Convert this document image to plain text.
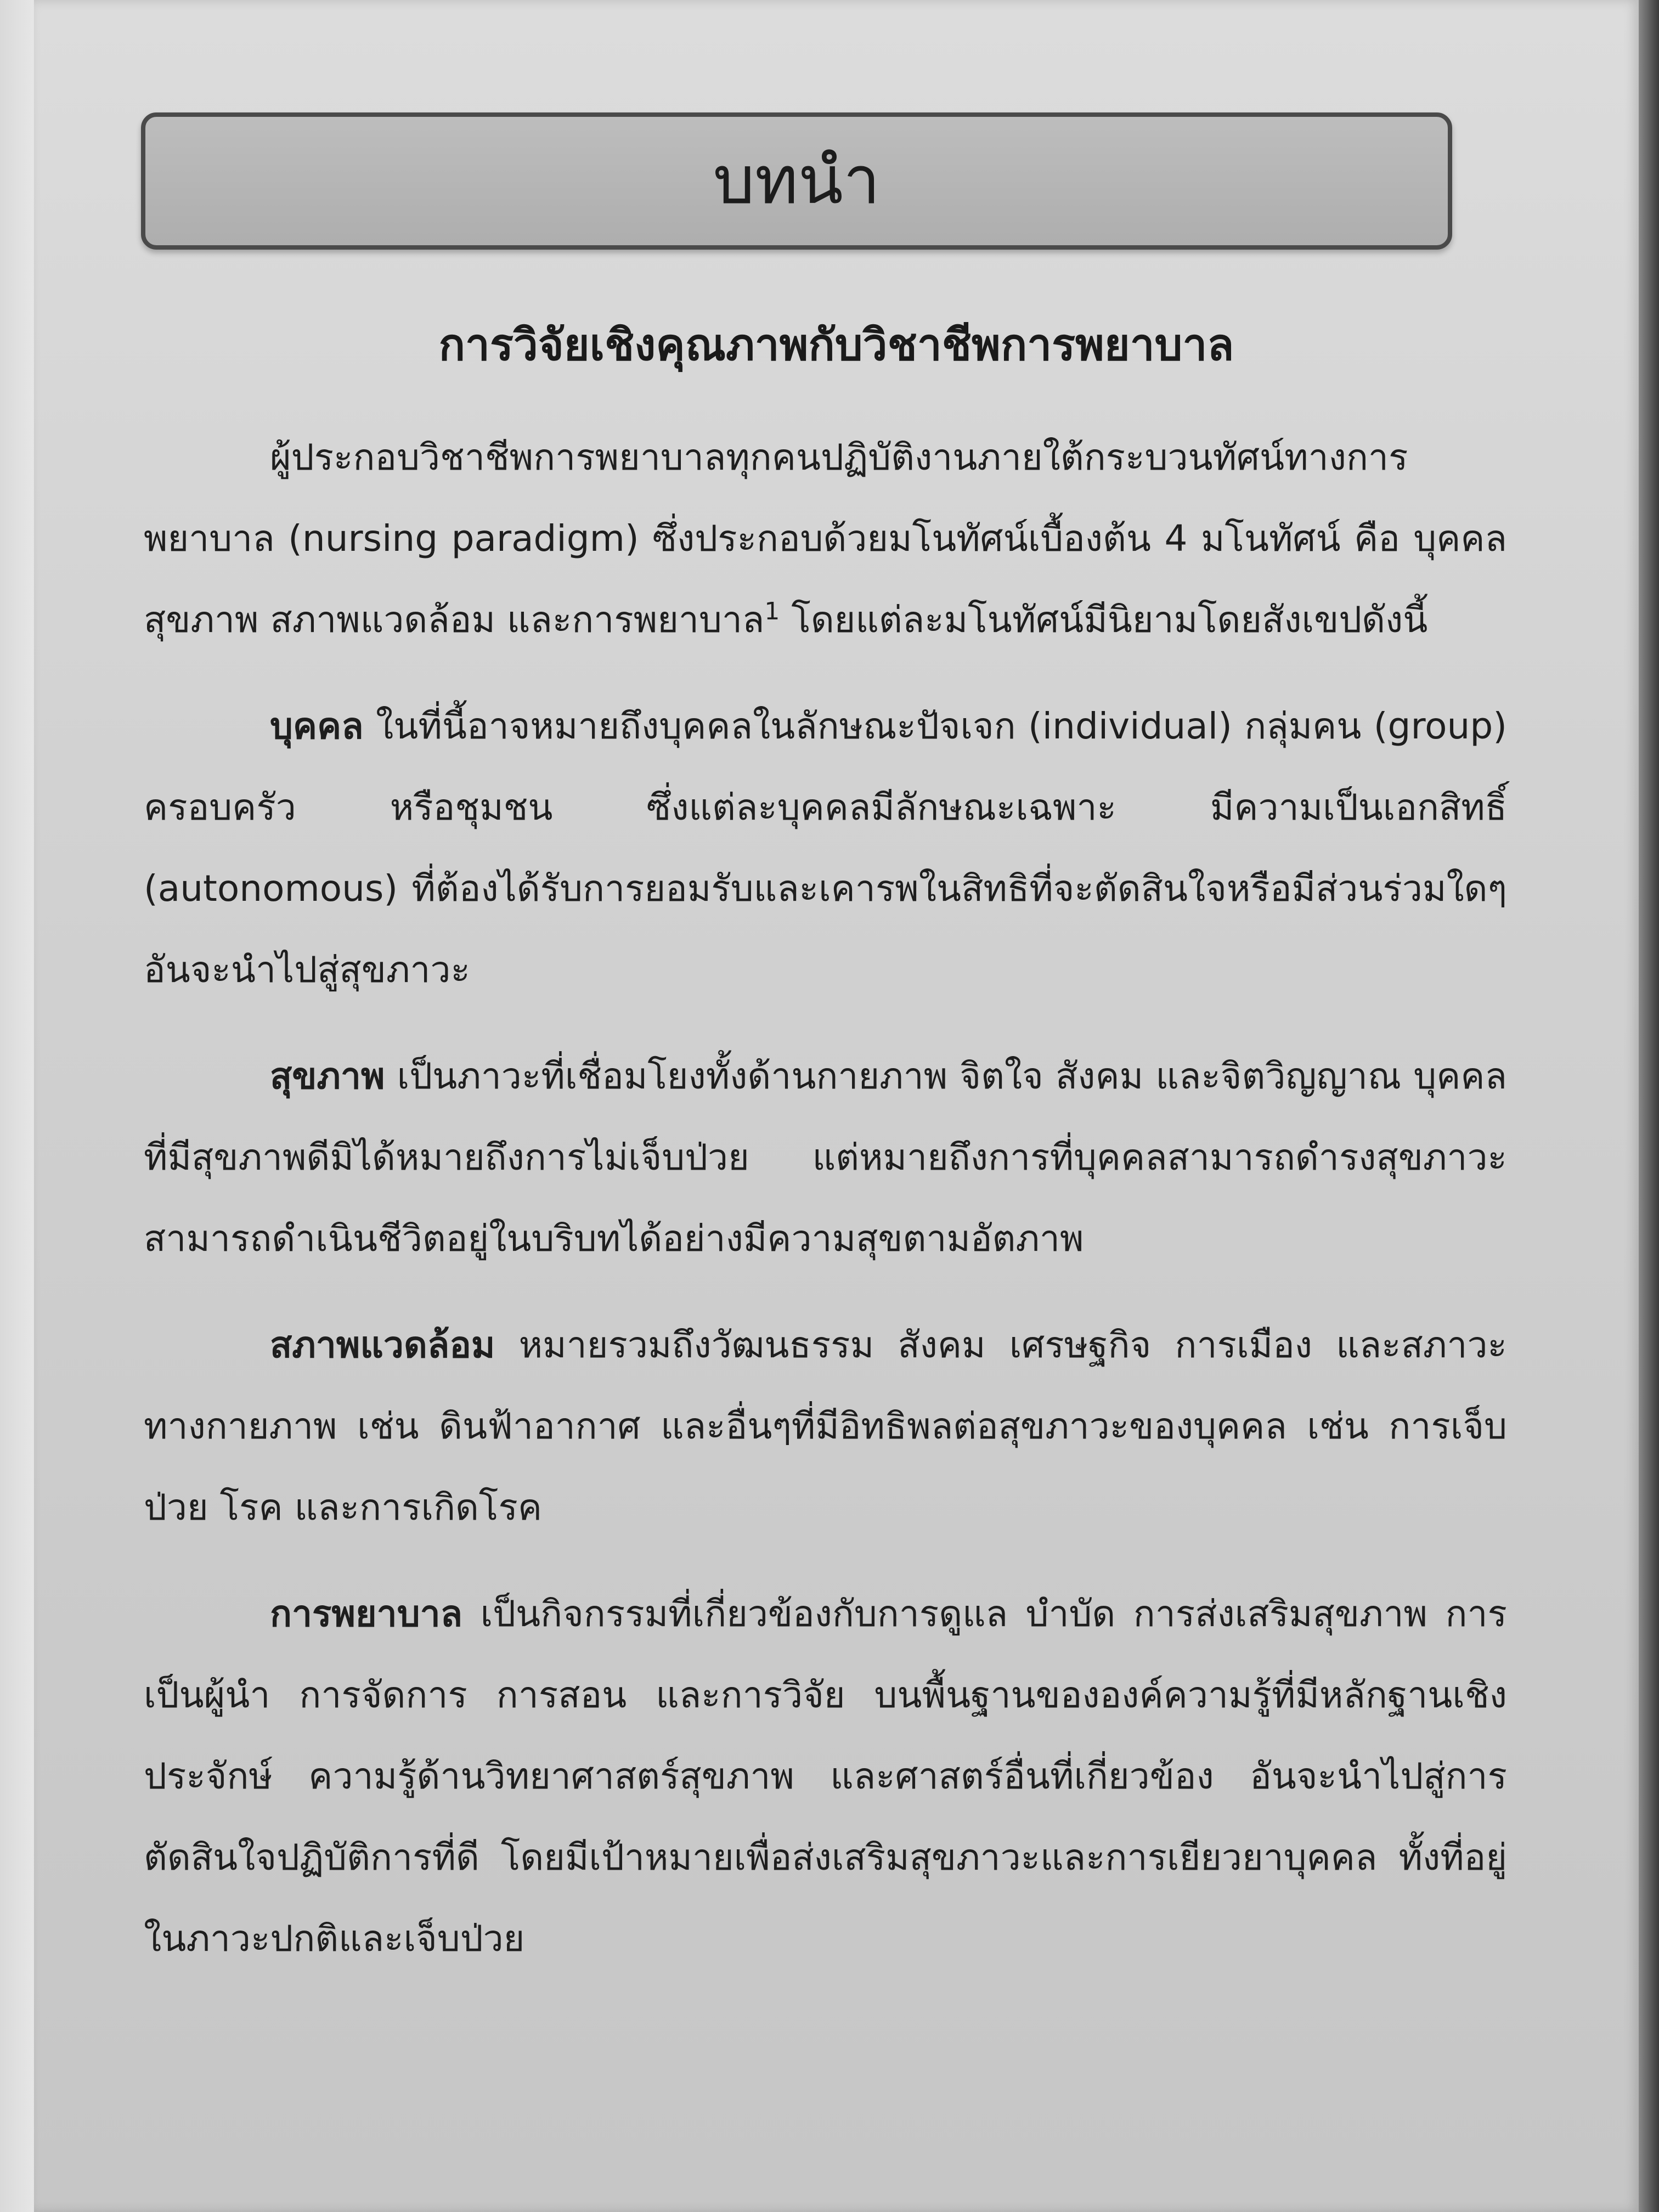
บทนำ
การวิจัยเชิงคุณภาพกับวิชาชีพการพยาบาล

ผู้ประกอบวิชาชีพการพยาบาลทุกคนปฏิบัติงานภายใต้กระบวนทัศน์ทางการพยาบาล (nursing paradigm) ซึ่งประกอบด้วยมโนทัศน์เบื้องต้น 4 มโนทัศน์ คือ บุคคล สุขภาพ สภาพแวดล้อม และการพยาบาล$^1$ โดยแต่ละมโนทัศน์มีนิยามโดยสังเขปดังนี้

บุคคล ในที่นี้อาจหมายถึงบุคคลในลักษณะปัจเจก (individual) กลุ่มคน (group) ครอบครัว หรือชุมชน ซึ่งแต่ละบุคคลมีลักษณะเฉพาะ มีความเป็นเอกสิทธิ์ (autonomous) ที่ต้องได้รับการยอมรับและเคารพในสิทธิที่จะตัดสินใจหรือมีส่วนร่วมใดๆอันจะนำไปสู่สุขภาวะ

สุขภาพ เป็นภาวะที่เชื่อมโยงทั้งด้านกายภาพ จิตใจ สังคม และจิตวิญญาณ บุคคลที่มีสุขภาพดีมิได้หมายถึงการไม่เจ็บป่วย แต่หมายถึงการที่บุคคลสามารถดำรงสุขภาวะ สามารถดำเนินชีวิตอยู่ในบริบทได้อย่างมีความสุขตามอัตภาพ

สภาพแวดล้อม หมายรวมถึงวัฒนธรรม สังคม เศรษฐกิจ การเมือง และสภาวะทางกายภาพ เช่น ดินฟ้าอากาศ และอื่นๆที่มีอิทธิพลต่อสุขภาวะของบุคคล เช่น การเจ็บป่วย โรค และการเกิดโรค

การพยาบาล เป็นกิจกรรมที่เกี่ยวข้องกับการดูแล บำบัด การส่งเสริมสุขภาพ การเป็นผู้นำ การจัดการ การสอน และการวิจัย บนพื้นฐานขององค์ความรู้ที่มีหลักฐานเชิงประจักษ์ ความรู้ด้านวิทยาศาสตร์สุขภาพ และศาสตร์อื่นที่เกี่ยวข้อง อันจะนำไปสู่การตัดสินใจปฏิบัติการที่ดี โดยมีเป้าหมายเพื่อส่งเสริมสุขภาวะและการเยียวยาบุคคล ทั้งที่อยู่ในภาวะปกติและเจ็บป่วย
